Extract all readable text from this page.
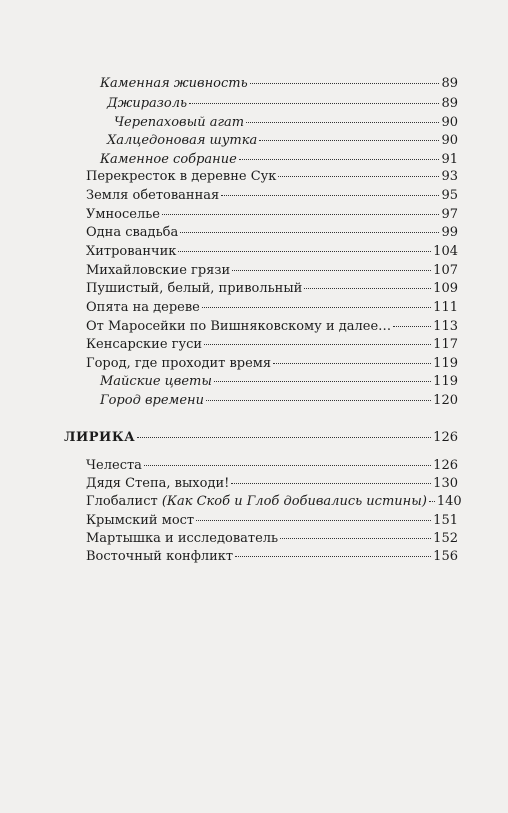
Каменная живность	89
Джиразоль	89
Черепаховый агат	90
Халцедоновая шутка	90
Каменное собрание	91
Перекресток в деревне Сук	93
Земля обетованная	95
Умноселье	97
Одна свадьба	99
Хитрованчик	104
Михайловские грязи	107
Пушистый, белый, привольный	109
Опята на дереве	111
От Маросейки по Вишняковскому и далее…	113
Кенсарские гуси	117
Город, где проходит время	119
Майские цветы	119
Город времени	120
ЛИРИКА	126
Челеста	126
Дядя Степа, выходи!	130
Глобалист (Как Скоб и Глоб добивались истины) 140
Крымский мост	151
Мартышка и исследователь	152
Восточный конфликт	156
